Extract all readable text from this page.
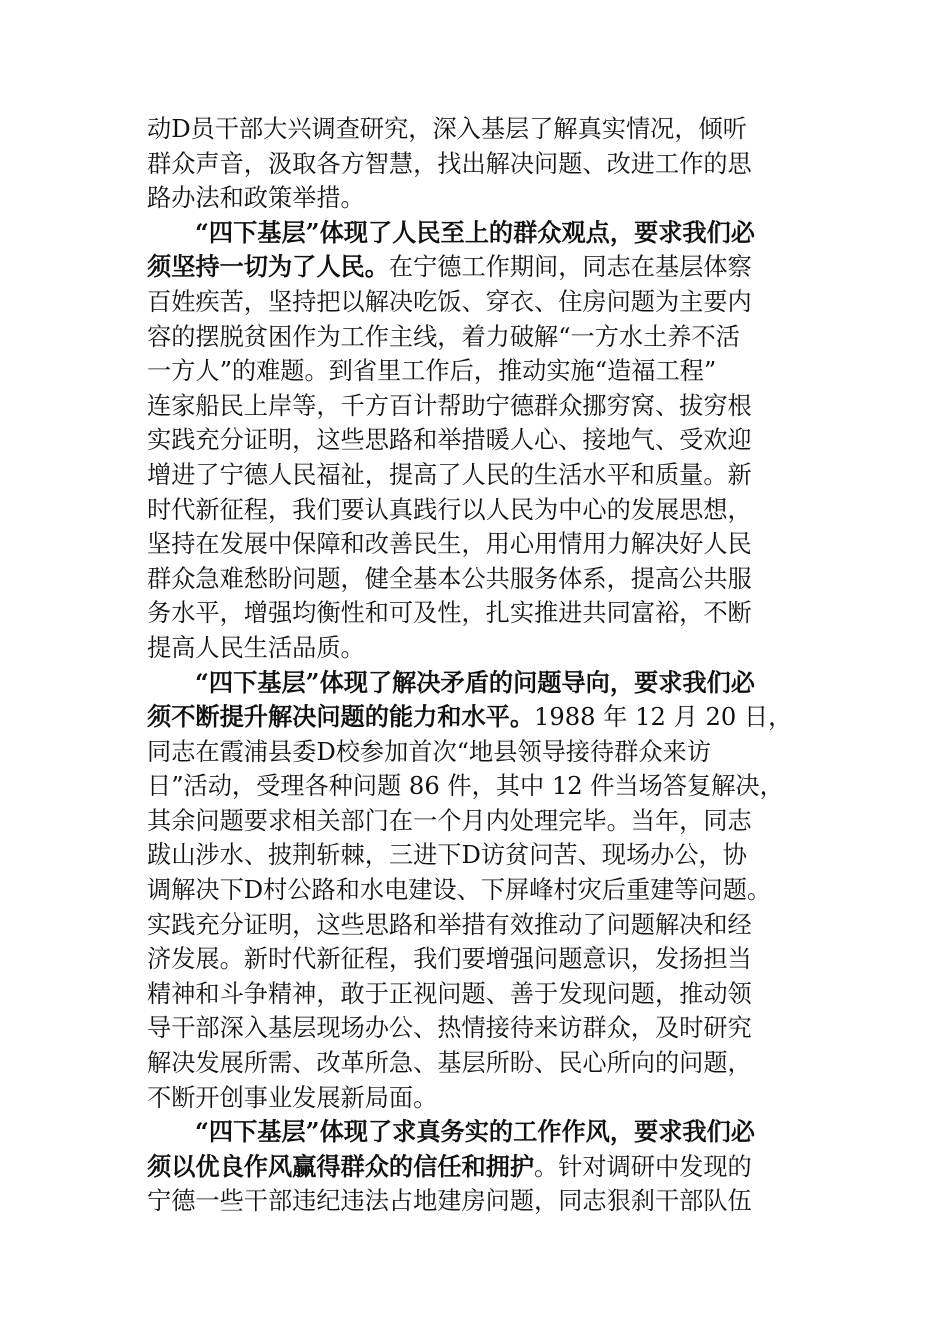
动D员干部大兴调查研究，深入基层了解真实情况，倾听
群众声音，汲取各方智慧，找出解决问题、改进工作的思
路办法和政策举措。
“四下基层”体现了人民至上的群众观点，要求我们必
须坚持一切为了人民。在宁德工作期间，同志在基层体察
百姓疾苦，坚持把以解决吃饭、穿衣、住房问题为主要内
容的摆脱贫困作为工作主线，着力破解“一方水土养不活
一方人”的难题。到省里工作后，推动实施“造福工程”
连家船民上岸等，千方百计帮助宁德群众挪穷窝、拔穷根
实践充分证明，这些思路和举措暖人心、接地气、受欢迎
增进了宁德人民福祉，提高了人民的生活水平和质量。新
时代新征程，我们要认真践行以人民为中心的发展思想，
坚持在发展中保障和改善民生，用心用情用力解决好人民
群众急难愁盼问题，健全基本公共服务体系，提高公共服
务水平，增强均衡性和可及性，扎实推进共同富裕，不断
提高人民生活品质。
“四下基层”体现了解决矛盾的问题导向，要求我们必
须不断提升解决问题的能力和水平。1988 年 12 月 20 日，
同志在霞浦县委D校参加首次“地县领导接待群众来访
日”活动，受理各种问题 86 件，其中 12 件当场答复解决，
其余问题要求相关部门在一个月内处理完毕。当年，同志
跋山涉水、披荆斩棘，三进下D访贫问苦、现场办公，协
调解决下D村公路和水电建设、下屏峰村灾后重建等问题。
实践充分证明，这些思路和举措有效推动了问题解决和经
济发展。新时代新征程，我们要增强问题意识，发扬担当
精神和斗争精神，敢于正视问题、善于发现问题，推动领
导干部深入基层现场办公、热情接待来访群众，及时研究
解决发展所需、改革所急、基层所盼、民心所向的问题，
不断开创事业发展新局面。
“四下基层”体现了求真务实的工作作风，要求我们必
须以优良作风赢得群众的信任和拥护。针对调研中发现的
宁德一些干部违纪违法占地建房问题，同志狠刹干部队伍
